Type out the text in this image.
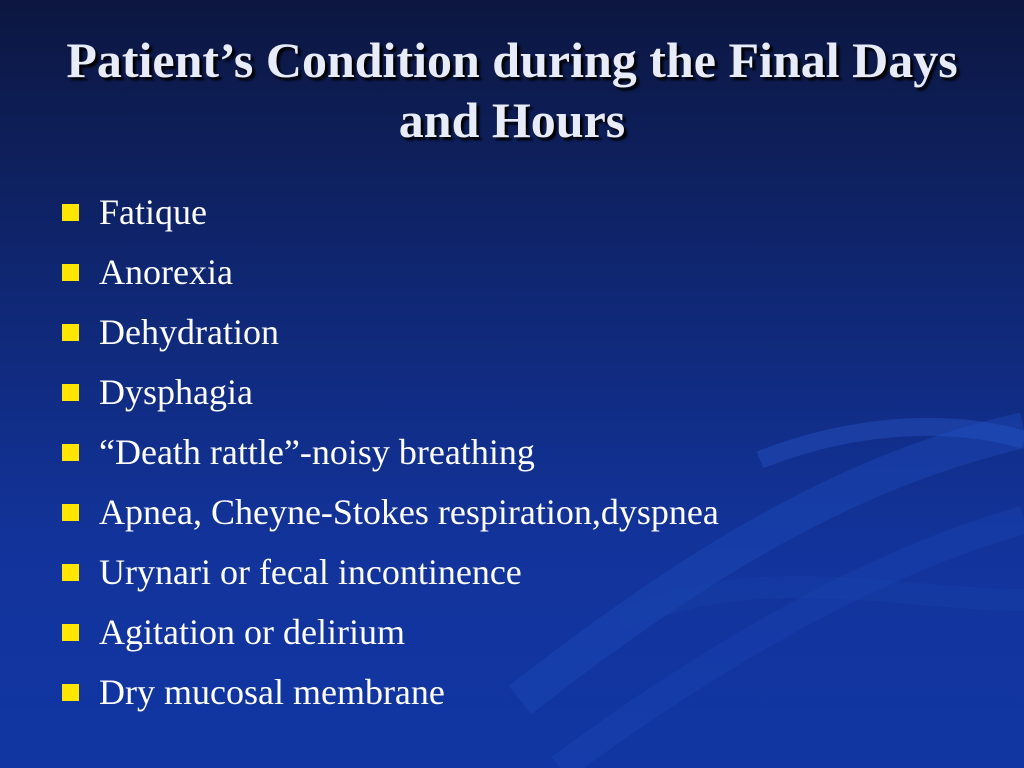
Patient’s Condition during the Final Days and Hours
Fatique
Anorexia
Dehydration
Dysphagia
“Death rattle”-noisy breathing
Apnea, Cheyne-Stokes respiration,dyspnea
Urynari or fecal incontinence
Agitation or delirium
Dry mucosal membrane
